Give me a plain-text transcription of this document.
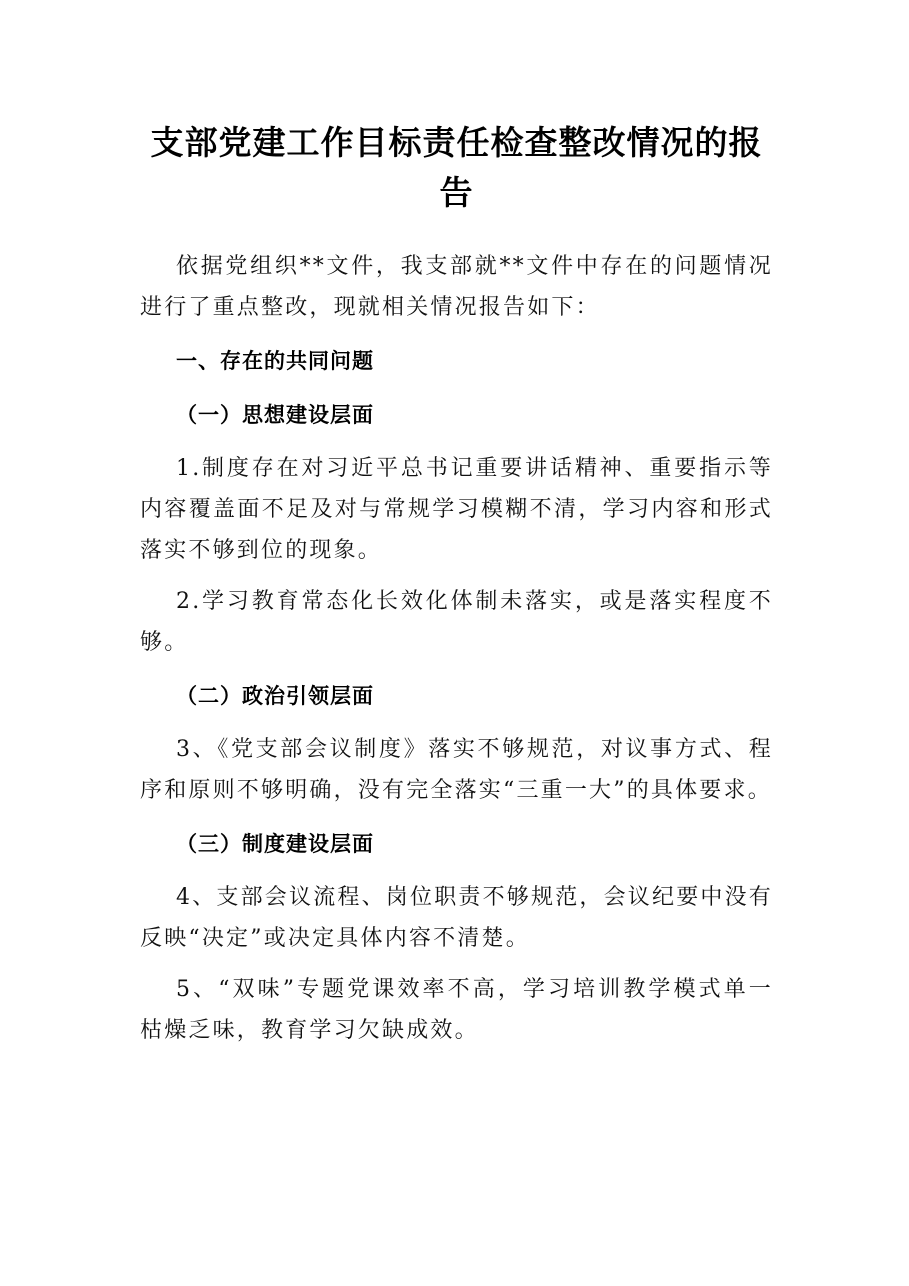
支部党建工作目标责任检查整改情况的报告

依据党组织**文件，我支部就**文件中存在的问题情况进行了重点整改，现就相关情况报告如下：

一、存在的共同问题
（一）思想建设层面

1.制度存在对习近平总书记重要讲话精神、重要指示等内容覆盖面不足及对与常规学习模糊不清，学习内容和形式落实不够到位的现象。

2.学习教育常态化长效化体制未落实，或是落实程度不够。

（二）政治引领层面

3、《党支部会议制度》落实不够规范，对议事方式、程序和原则不够明确，没有完全落实“三重一大”的具体要求。

（三）制度建设层面

4、支部会议流程、岗位职责不够规范，会议纪要中没有反映“决定”或决定具体内容不清楚。

5、“双味”专题党课效率不高，学习培训教学模式单一枯燥乏味，教育学习欠缺成效。
